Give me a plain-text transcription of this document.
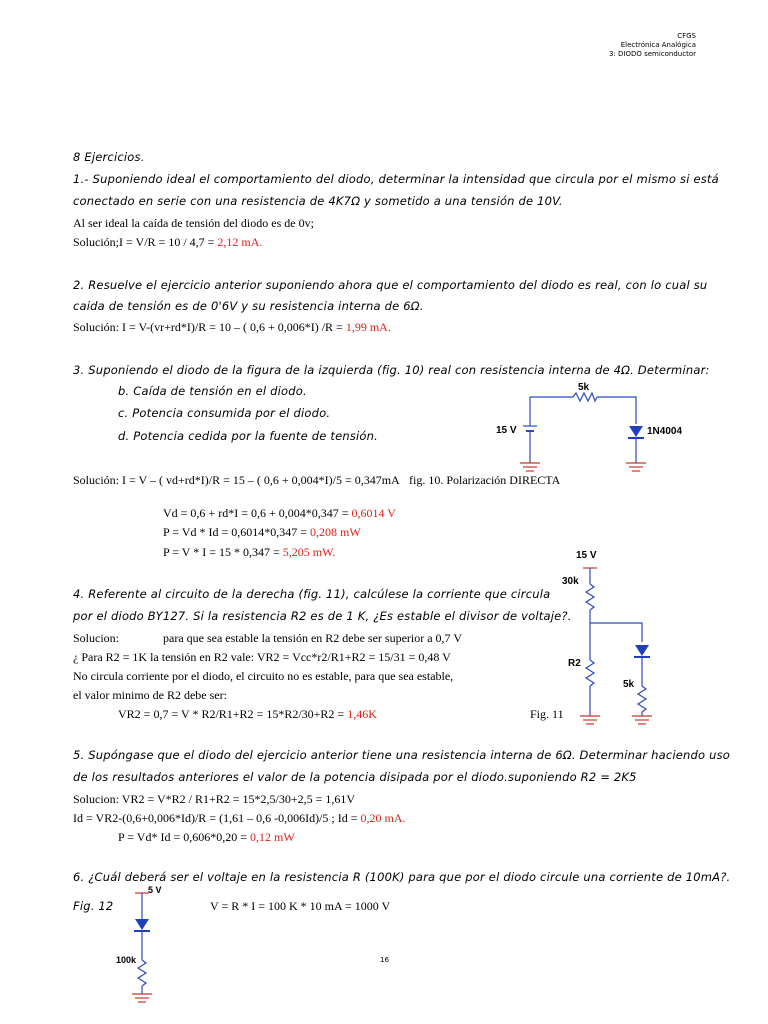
CFGS
Electrónica Analógica
3: DIODO semiconductor
8 Ejercicios.
1.- Suponiendo ideal el comportamiento del diodo, determinar la intensidad que circula por el mismo si está
conectado en serie con una resistencia de 4K7Ω y sometido a una tensión de 10V.
Al ser ideal la caída de tensión del diodo es de 0v;
Solución;I = V/R = 10 / 4,7 = 2,12 mA.
2. Resuelve el ejercicio anterior suponiendo ahora que el comportamiento del diodo es real, con lo cual su
caida de tensión es de 0'6V y su resistencia interna de 6Ω.
Solución: I = V-(vr+rd*I)/R = 10 – ( 0,6 + 0,006*I) /R = 1,99 mA.
3. Suponiendo el diodo de la figura de la izquierda (fig. 10) real con resistencia interna de 4Ω. Determinar:
b. Caída de tensión en el diodo.
c. Potencia consumida por el diodo.
d. Potencia cedida por la fuente de tensión.
5k
15 V	1N4004
Solución: I = V – ( vd+rd*I)/R = 15 – ( 0,6 + 0,004*I)/5 = 0,347mA fig. 10. Polarización DIRECTA
Vd = 0,6 + rd*I = 0,6 + 0,004*0,347 = 0,6014 V
P = Vd * Id = 0,6014*0,347 = 0,208 mW
P = V * I = 15 * 0,347 = 5,205 mW.	15 V
30k
R2
5k
4. Referente al circuito de la derecha (fig. 11), calcúlese la corriente que circula
por el diodo BY127. Si la resistencia R2 es de 1 K, ¿Es estable el divisor de voltaje?.
Solucion:	para que sea estable la tensión en R2 debe ser superior a 0,7 V
¿ Para R2 = 1K la tensión en R2 vale: VR2 = Vcc*r2/R1+R2 = 15/31 = 0,48 V
No circula corriente por el diodo, el circuito no es estable, para que sea estable,
el valor minimo de R2 debe ser:
VR2 = 0,7 = V * R2/R1+R2 = 15*R2/30+R2 = 1,46K	Fig. 11
5. Supóngase que el diodo del ejercicio anterior tiene una resistencia interna de 6Ω. Determinar haciendo uso
de los resultados anteriores el valor de la potencia disipada por el diodo.suponiendo R2 = 2K5
Solucion: VR2 = V*R2 / R1+R2 = 15*2,5/30+2,5 = 1,61V
Id = VR2-(0,6+0,006*Id)/R = (1,61 – 0,6 -0,006Id)/5 ; Id = 0,20 mA.
P = Vd* Id = 0,606*0,20 = 0,12 mW
6. ¿Cuál deberá ser el voltaje en la resistencia R (100K) para que por el diodo circule una corriente de 10mA?.
Fig. 12	V = R * I = 100 K * 10 mA = 1000 V
5 V
100k	16
